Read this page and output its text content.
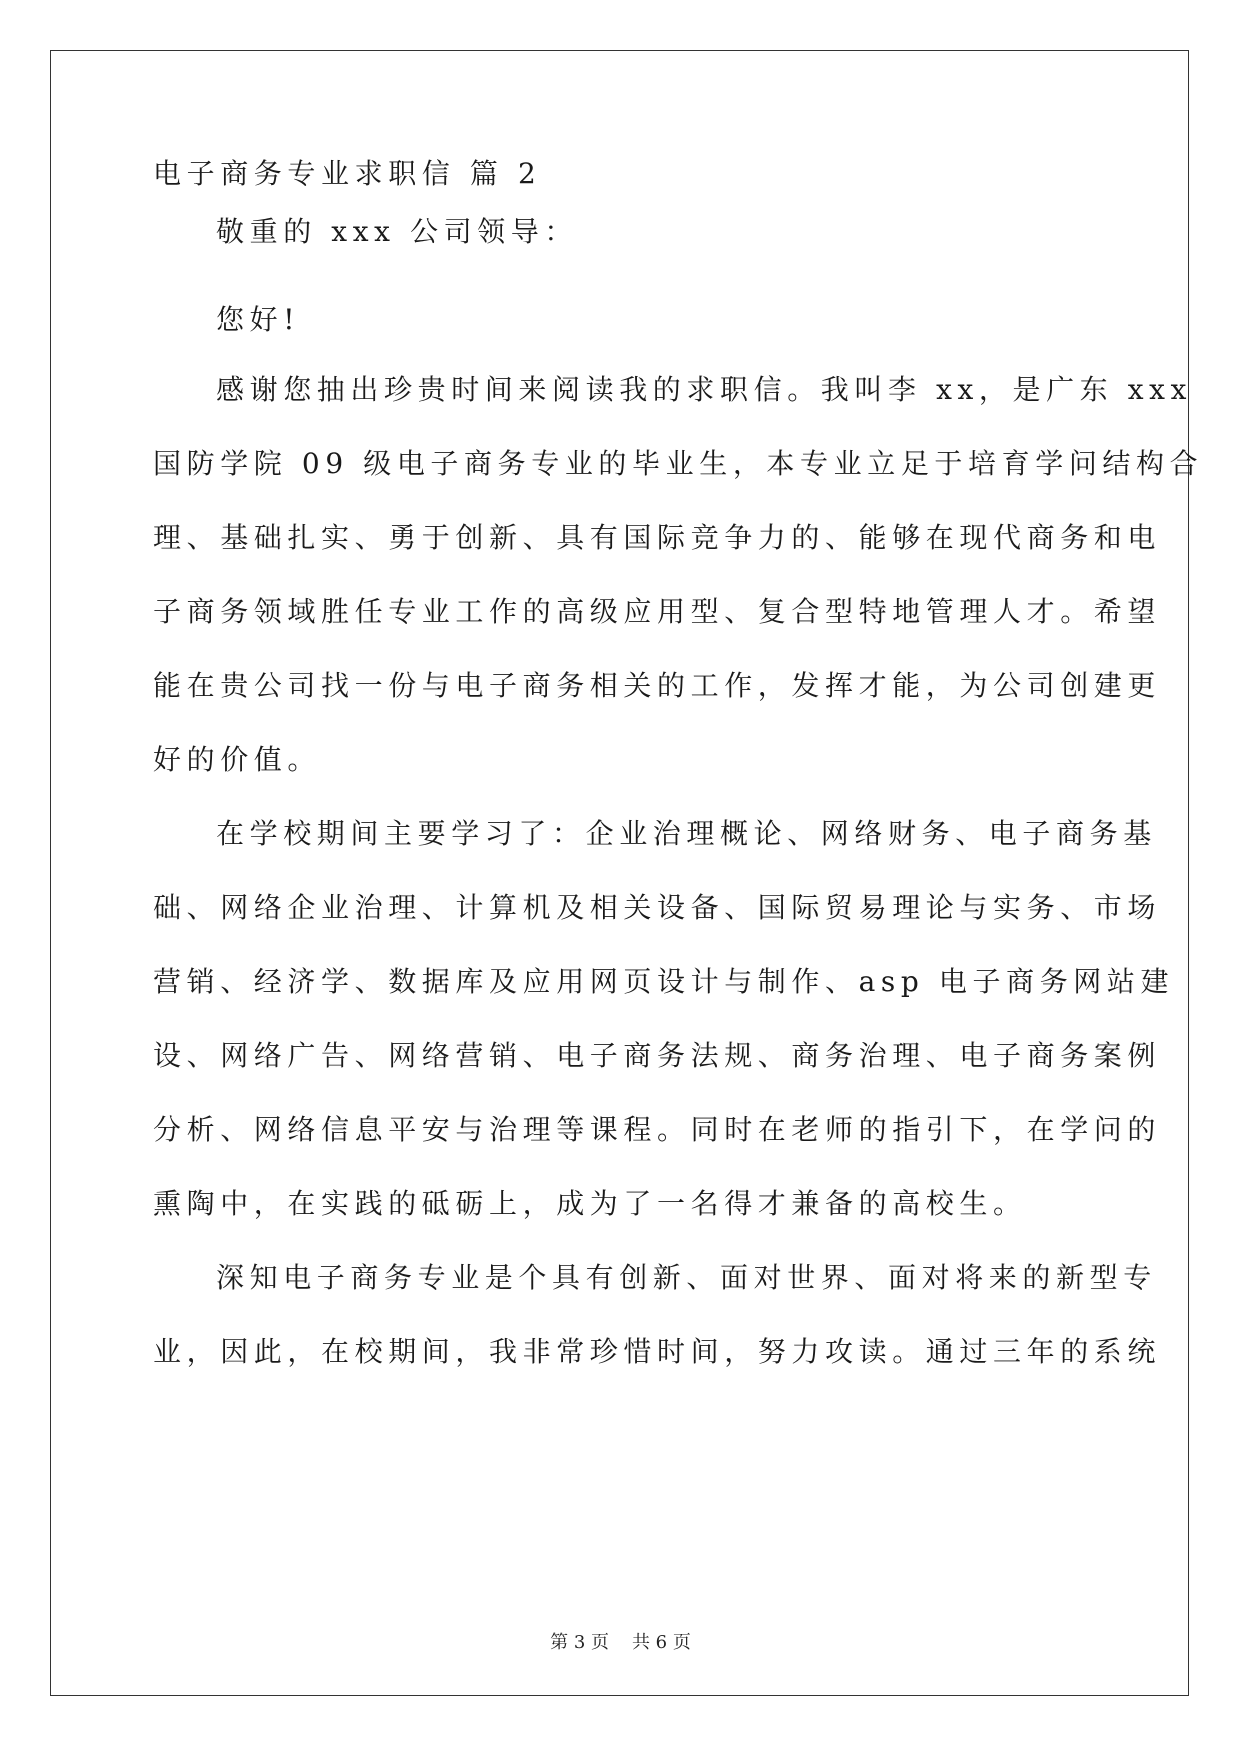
电子商务专业求职信 篇 2
敬重的 xxx 公司领导：
您好!
感谢您抽出珍贵时间来阅读我的求职信。我叫李 xx，是广东 xxx
国防学院 09 级电子商务专业的毕业生，本专业立足于培育学问结构合
理、基础扎实、勇于创新、具有国际竞争力的、能够在现代商务和电
子商务领域胜任专业工作的高级应用型、复合型特地管理人才。希望
能在贵公司找一份与电子商务相关的工作，发挥才能，为公司创建更
好的价值。
在学校期间主要学习了：企业治理概论、网络财务、电子商务基
础、网络企业治理、计算机及相关设备、国际贸易理论与实务、市场
营销、经济学、数据库及应用网页设计与制作、asp 电子商务网站建
设、网络广告、网络营销、电子商务法规、商务治理、电子商务案例
分析、网络信息平安与治理等课程。同时在老师的指引下，在学问的
熏陶中，在实践的砥砺上，成为了一名得才兼备的高校生。
深知电子商务专业是个具有创新、面对世界、面对将来的新型专
业，因此，在校期间，我非常珍惜时间，努力攻读。通过三年的系统
第 3 页    共 6 页
